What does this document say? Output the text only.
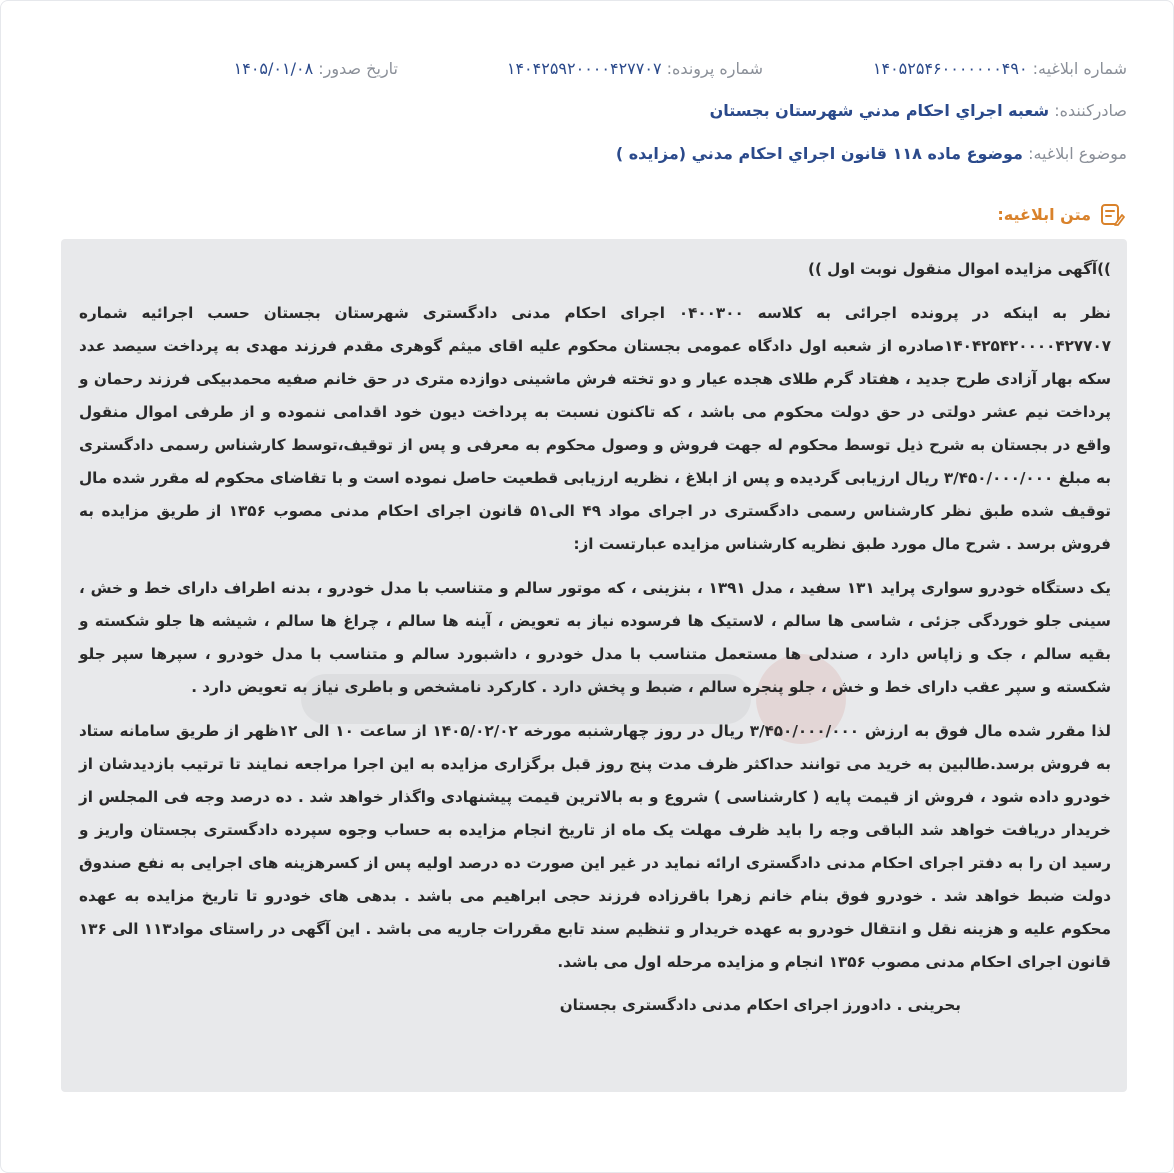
شماره ابلاغیه: ۱۴۰۵۲۵۴۶۰۰۰۰۰۰۰۴۹۰
شماره پرونده: ۱۴۰۴۲۵۹۲۰۰۰۰۴۲۷۷۰۷
تاریخ صدور: ۱۴۰۵/۰۱/۰۸
صادرکننده: شعبه اجراي احكام مدني شهرستان بجستان
موضوع ابلاغیه: موضوع ماده ۱۱۸ قانون اجراي احكام مدني (مزايده )
متن ابلاغیه:

))آگهی مزایده اموال منقول نوبت اول ))

نظر به اینکه در پرونده اجرائی به کلاسه ۰۴۰۰۳۰۰ اجرای احکام مدنی دادگستری شهرستان بجستان حسب اجرائیه شماره ۱۴۰۴۲۵۴۲۰۰۰۰۴۲۷۷۰۷صادره از شعبه اول دادگاه عمومی بجستان محکوم علیه اقای میثم گوهری مقدم فرزند مهدی به پرداخت سیصد عدد سکه بهار آزادی طرح جدید ، هفتاد گرم طلای هجده عیار و دو تخته فرش ماشینی دوازده متری در حق خانم صفیه محمدبیکی فرزند رحمان و پرداخت نیم عشر دولتی در حق دولت محکوم می باشد ، که تاکنون نسبت به پرداخت دیون خود اقدامی ننموده و از طرفی اموال منقول واقع در بجستان به شرح ذیل توسط محکوم له جهت فروش و وصول محکوم به معرفی و پس از توقیف،توسط کارشناس رسمی دادگستری به مبلغ ۳/۴۵۰/۰۰۰/۰۰۰ ریال ارزیابی گردیده و پس از ابلاغ ، نظریه ارزیابی قطعیت حاصل نموده است و با تقاضای محکوم له مقرر شده مال توقیف شده طبق نظر کارشناس رسمی دادگستری در اجرای مواد ۴۹ الی۵۱ قانون اجرای احکام مدنی مصوب ۱۳۵۶ از طریق مزایده به فروش برسد . شرح مال مورد طبق نظریه کارشناس مزایده عبارتست از:

یک دستگاه خودرو سواری پراید ۱۳۱ سفید ، مدل ۱۳۹۱ ، بنزینی ، که موتور سالم و متناسب با مدل خودرو ، بدنه اطراف دارای خط و خش ، سینی جلو خوردگی جزئی ، شاسی ها سالم ، لاستیک ها فرسوده نیاز به تعویض ، آینه ها سالم ، چراغ ها سالم ، شیشه ها جلو شکسته و بقیه سالم ، جک و زاپاس دارد ، صندلی ها مستعمل متناسب با مدل خودرو ، داشبورد سالم و متناسب با مدل خودرو ، سپرها سپر جلو شکسته و سپر عقب دارای خط و خش ، جلو پنجره سالم ، ضبط و پخش دارد . کارکرد نامشخص و باطری نیاز به تعویض دارد .

لذا مقرر شده مال فوق به ارزش ۳/۴۵۰/۰۰۰/۰۰۰ ریال در روز چهارشنبه مورخه ۱۴۰۵/۰۲/۰۲ از ساعت ۱۰ الی ۱۲ظهر از طریق سامانه ستاد به فروش برسد.طالبین به خرید می توانند حداکثر ظرف مدت پنج روز قبل برگزاری مزایده به این اجرا مراجعه نمایند تا ترتیب بازدیدشان از خودرو داده شود ، فروش از قیمت پایه ( کارشناسی ) شروع و به بالاترین قیمت پیشنهادی واگذار خواهد شد . ده درصد وجه فی المجلس از خریدار دریافت خواهد شد الباقی وجه را باید ظرف مهلت یک ماه از تاریخ انجام مزایده به حساب وجوه سپرده دادگستری بجستان واریز و رسید ان را به دفتر اجرای احکام مدنی دادگستری ارائه نماید در غیر این صورت ده درصد اولیه پس از کسرهزینه های اجرایی به نفع صندوق دولت ضبط خواهد شد . خودرو فوق بنام خانم زهرا باقرزاده فرزند حجی ابراهیم می باشد . بدهی های خودرو تا تاریخ مزایده به عهده محکوم علیه و هزینه نقل و انتقال خودرو به عهده خریدار و تنظیم سند تابع مقررات جاریه می باشد . این آگهی در راستای مواد۱۱۳ الی ۱۳۶ قانون اجرای احکام مدنی مصوب ۱۳۵۶ انجام و مزایده مرحله اول می باشد.

بحرینی . دادورز اجرای احکام مدنی دادگستری بجستان
